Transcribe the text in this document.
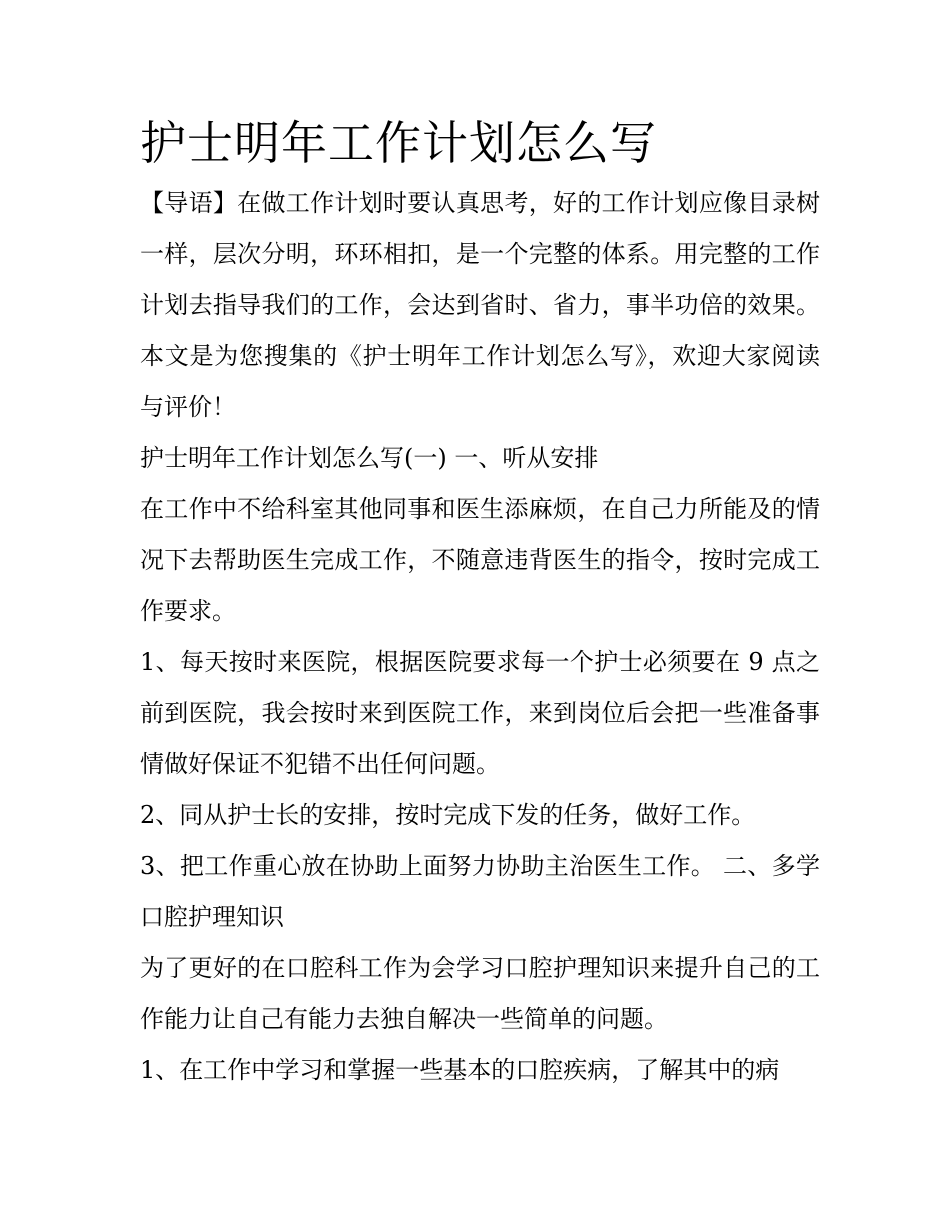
护士明年工作计划怎么写

【导语】在做工作计划时要认真思考，好的工作计划应像目录树一样，层次分明，环环相扣，是一个完整的体系。用完整的工作计划去指导我们的工作，会达到省时、省力，事半功倍的效果。本文是为您搜集的《护士明年工作计划怎么写》，欢迎大家阅读与评价！

护士明年工作计划怎么写(一) 一、听从安排

在工作中不给科室其他同事和医生添麻烦，在自己力所能及的情况下去帮助医生完成工作，不随意违背医生的指令，按时完成工作要求。

1、每天按时来医院，根据医院要求每一个护士必须要在 9 点之前到医院，我会按时来到医院工作，来到岗位后会把一些准备事情做好保证不犯错不出任何问题。

2、同从护士长的安排，按时完成下发的任务，做好工作。

3、把工作重心放在协助上面努力协助主治医生工作。 二、多学口腔护理知识

为了更好的在口腔科工作为会学习口腔护理知识来提升自己的工作能力让自己有能力去独自解决一些简单的问题。

1、在工作中学习和掌握一些基本的口腔疾病，了解其中的病
